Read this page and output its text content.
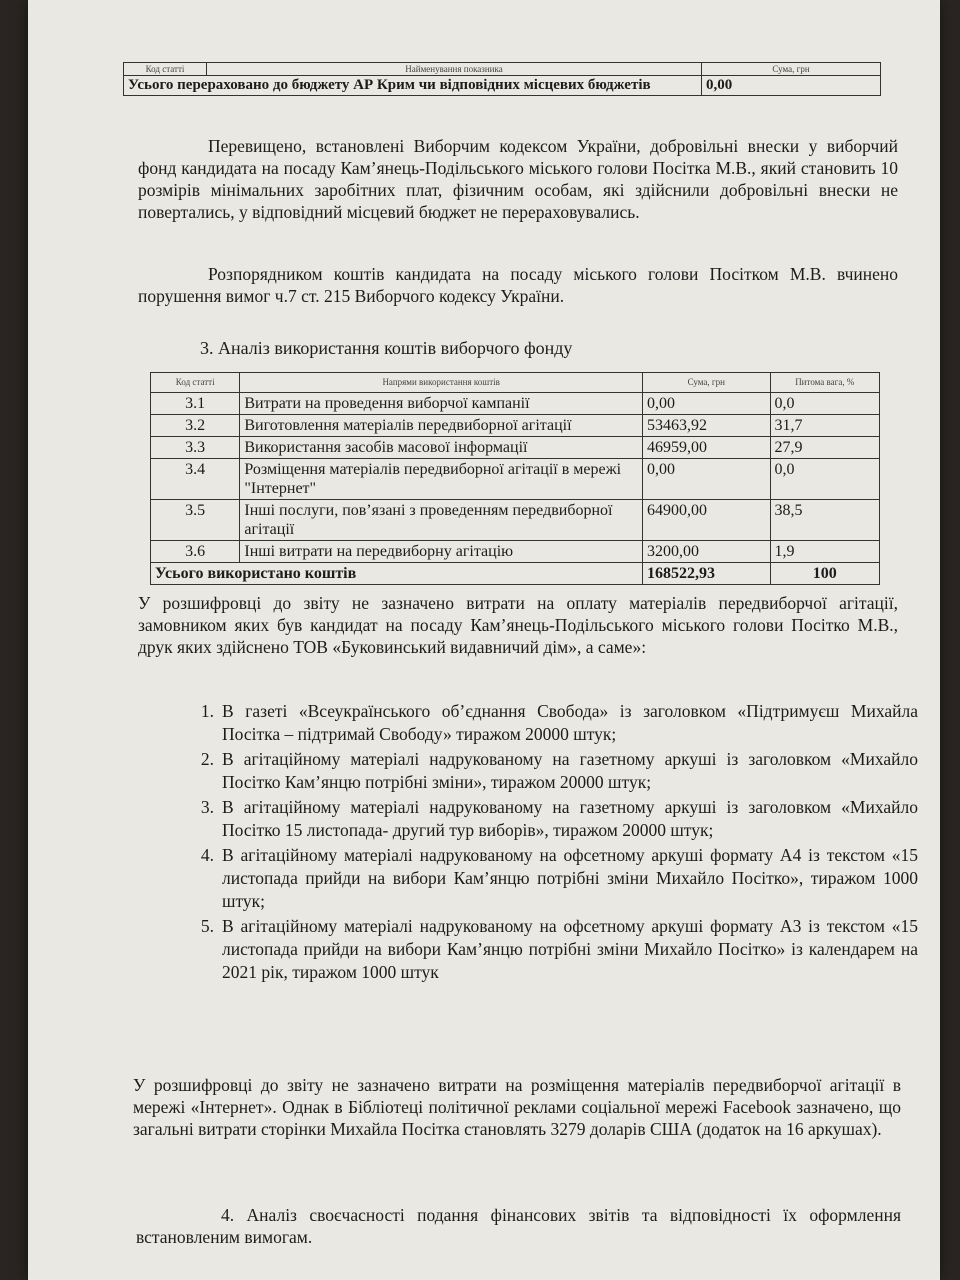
Код статті	Найменування показника	Сума, грн
Усього перераховано до бюджету АР Крим чи відповідних місцевих бюджетів		0,00

Перевищено, встановлені Виборчим кодексом України, добровільні внески у виборчий фонд кандидата на посаду Кам’янець-Подільського міського голови Посітка М.В., який становить 10 розмірів мінімальних заробітних плат, фізичним особам, які здійснили добровільні внески не повертались, у відповідний місцевий бюджет не перераховувались.

Розпорядником коштів кандидата на посаду міського голови Посітком М.В. вчинено порушення вимог ч.7 ст. 215 Виборчого кодексу України.

3. Аналіз використання коштів виборчого фонду

Код статті	Напрями використання коштів	Сума, грн	Питома вага, %
3.1	Витрати на проведення виборчої кампанії	0,00	0,0
3.2	Виготовлення матеріалів передвиборної агітації	53463,92	31,7
3.3	Використання засобів масової інформації	46959,00	27,9
3.4	Розміщення матеріалів передвиборної агітації в мережі "Інтернет"	0,00	0,0
3.5	Інші послуги, пов’язані з проведенням передвиборної агітації	64900,00	38,5
3.6	Інші витрати на передвиборну агітацію	3200,00	1,9
Усього використано коштів		168522,93	100

У розшифровці до звіту не зазначено витрати на оплату матеріалів передвиборчої агітації, замовником яких був кандидат на посаду Кам’янець-Подільського міського голови Посітко М.В., друк яких здійснено ТОВ «Буковинський видавничий дім», а саме»:

1. В газеті «Всеукраїнського об’єднання Свобода» із заголовком «Підтримуєш Михайла Посітка – підтримай Свободу» тиражом 20000 штук;
2. В агітаційному матеріалі надрукованому на газетному аркуші із заголовком «Михайло Посітко Кам’янцю потрібні зміни», тиражом 20000 штук;
3. В агітаційному матеріалі надрукованому на газетному аркуші із заголовком «Михайло Посітко 15 листопада- другий тур виборів», тиражом 20000 штук;
4. В агітаційному матеріалі надрукованому на офсетному аркуші формату А4 із текстом «15 листопада прийди на вибори Кам’янцю потрібні зміни Михайло Посітко», тиражом 1000 штук;
5. В агітаційному матеріалі надрукованому на офсетному аркуші формату А3 із текстом «15 листопада прийди на вибори Кам’янцю потрібні зміни Михайло Посітко» із календарем на 2021 рік, тиражом 1000 штук

У розшифровці до звіту не зазначено витрати на розміщення матеріалів передвиборчої агітації в мережі «Інтернет». Однак в Бібліотеці політичної реклами соціальної мережі Facebook зазначено, що загальні витрати сторінки Михайла Посітка становлять 3279 доларів США (додаток на 16 аркушах).

4. Аналіз своєчасності подання фінансових звітів та відповідності їх оформлення встановленим вимогам.
